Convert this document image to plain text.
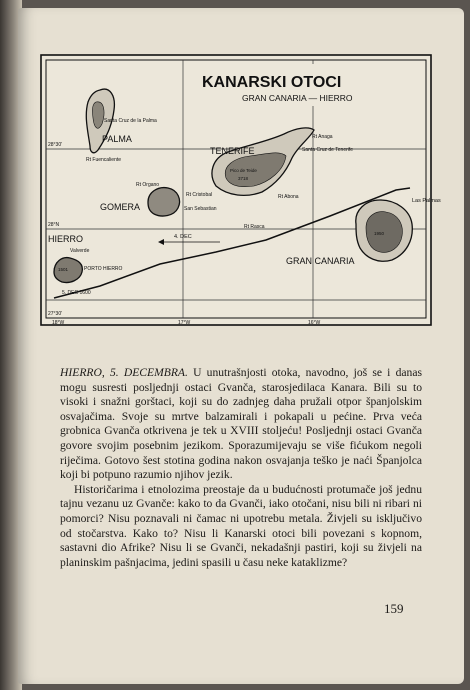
28°30'
28°N
27°30'
18°W	17°W	16°W
KANARSKI OTOCI
GRAN CANARIA — HIERRO
PALMA
TENERIFE
GOMERA
HIERRO
GRAN CANARIA
Santa Cruz de la Palma
Rt Fuencaliente
Rt Anaga
Santa Cruz de Tenerife
Pico de Teide
3718
Rt Abona
Rt Organo
Rt Cristobal
San Sebastian
Rt Rasca
Las Palmas
1950
Valverde
PORTO HIERRO
1501
4. DEC
5. DEC 1600

HIERRO, 5. DECEMBRA. U unutrašnjosti otoka, navodno, još se i danas mogu susresti posljednji ostaci Gvanča, starosjedilaca Kanara. Bili su to visoki i snažni gorštaci, koji su do zadnjeg daha pružali otpor španjolskim osvajačima. Svoje su mrtve balzamirali i pokapali u pećine. Prva veća grobnica Gvanča otkrivena je tek u XVIII stoljeću! Posljednji ostaci Gvanča govore svojim posebnim jezikom. Sporazumijevaju se više fićukom negoli riječima. Gotovo šest stotina godina nakon osvajanja teško je naći Španjolca koji bi potpuno razumio njihov jezik.

Historičarima i etnolozima preostaje da u budućnosti protumače još jednu tajnu vezanu uz Gvanče: kako to da Gvanči, iako otočani, nisu bili ni ribari ni pomorci? Nisu poznavali ni čamac ni upotrebu metala. Živjeli su isključivo od stočarstva. Kako to? Nisu li Kanarski otoci bili povezani s kopnom, sastavni dio Afrike? Nisu li se Gvanči, nekadašnji pastiri, koji su živjeli na planinskim pašnjacima, jedini spasili u času neke kataklizme?

159
